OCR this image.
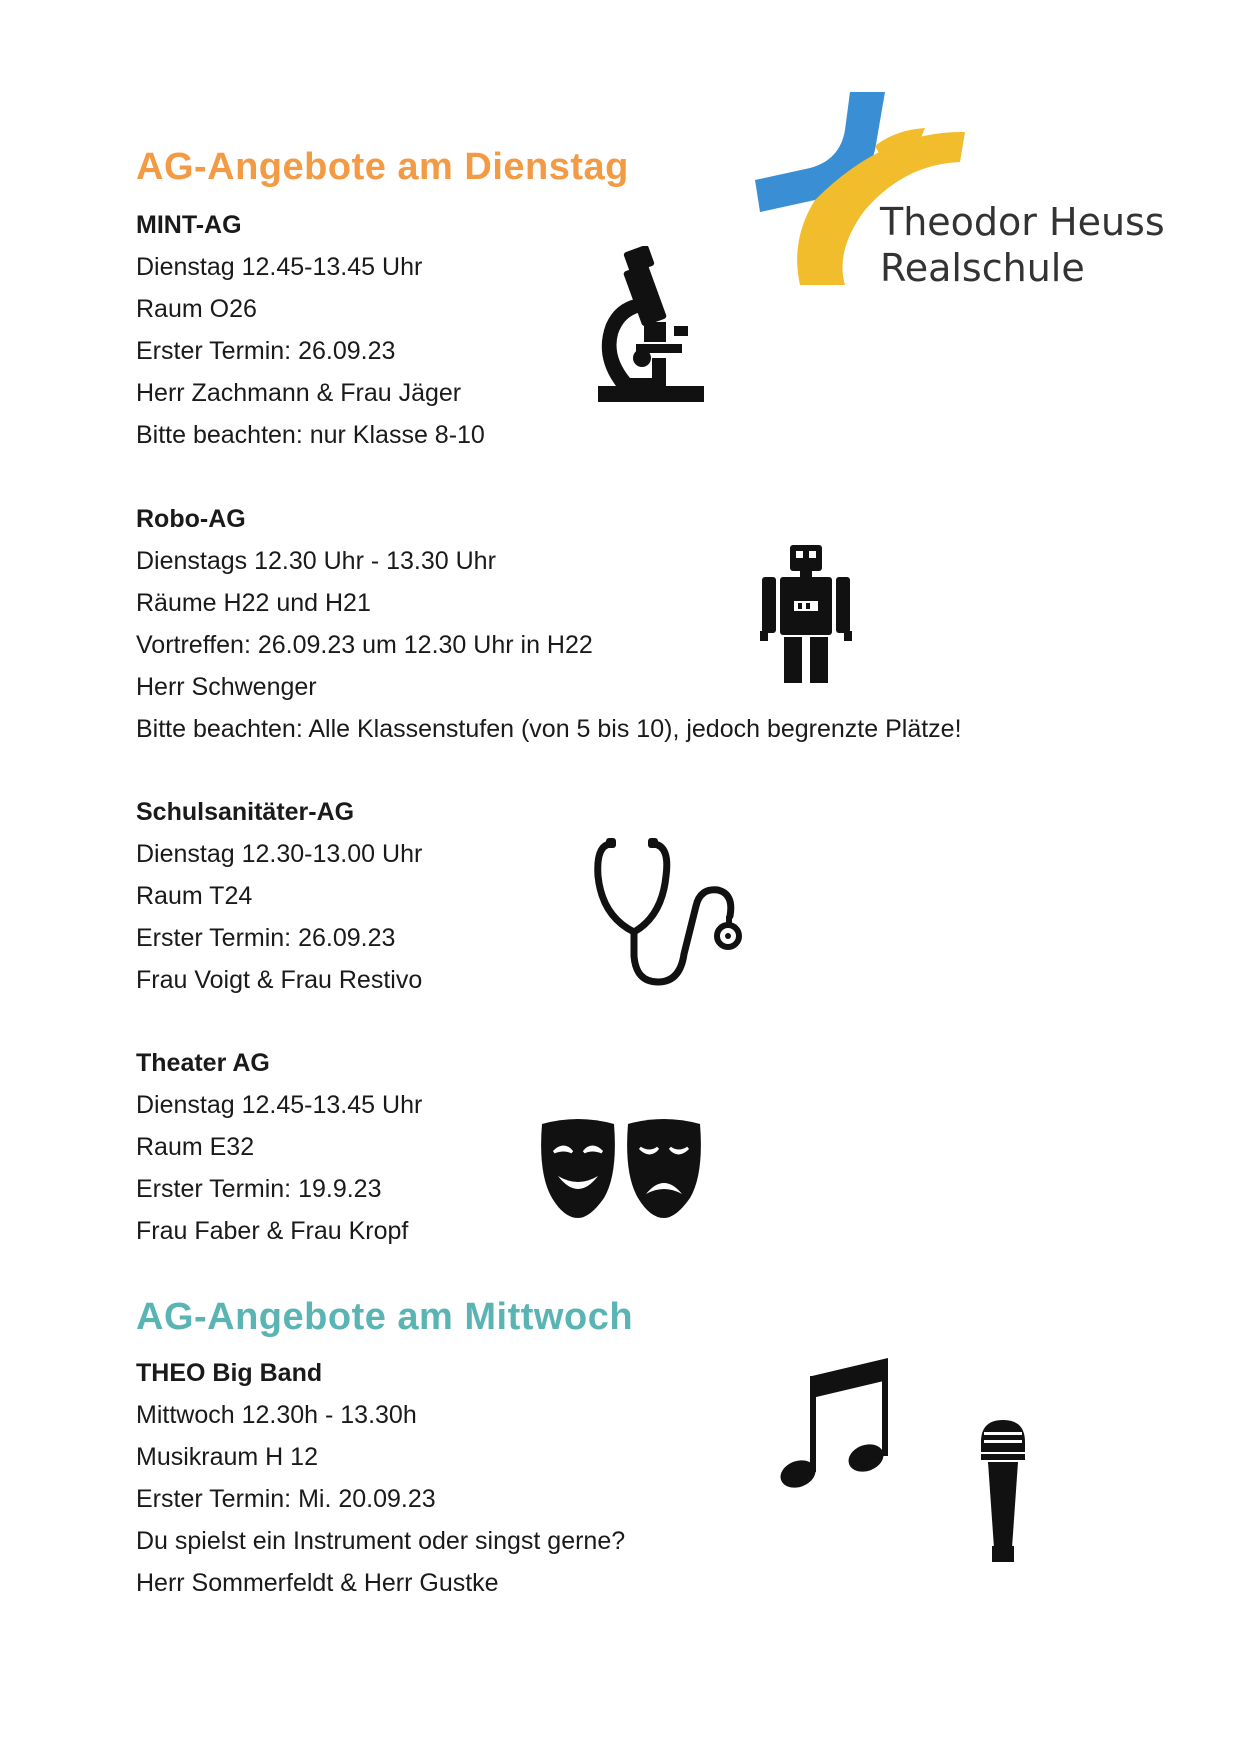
Theodor Heuss
Realschule
AG-Angebote am Dienstag
MINT-AG
Dienstag 12.45-13.45 Uhr
Raum O26
Erster Termin: 26.09.23
Herr Zachmann & Frau Jäger
Bitte beachten: nur Klasse 8-10
Robo-AG
Dienstags 12.30 Uhr - 13.30 Uhr
Räume H22 und H21
Vortreffen: 26.09.23 um 12.30 Uhr in H22
Herr Schwenger
Bitte beachten: Alle Klassenstufen (von 5 bis 10), jedoch begrenzte Plätze!
Schulsanitäter-AG
Dienstag 12.30-13.00 Uhr
Raum T24
Erster Termin: 26.09.23
Frau Voigt & Frau Restivo
Theater AG
Dienstag 12.45-13.45 Uhr
Raum E32
Erster Termin: 19.9.23
Frau Faber & Frau Kropf
AG-Angebote am Mittwoch
THEO Big Band
Mittwoch 12.30h - 13.30h
Musikraum H 12
Erster Termin: Mi. 20.09.23
Du spielst ein Instrument oder singst gerne?
Herr Sommerfeldt & Herr Gustke
